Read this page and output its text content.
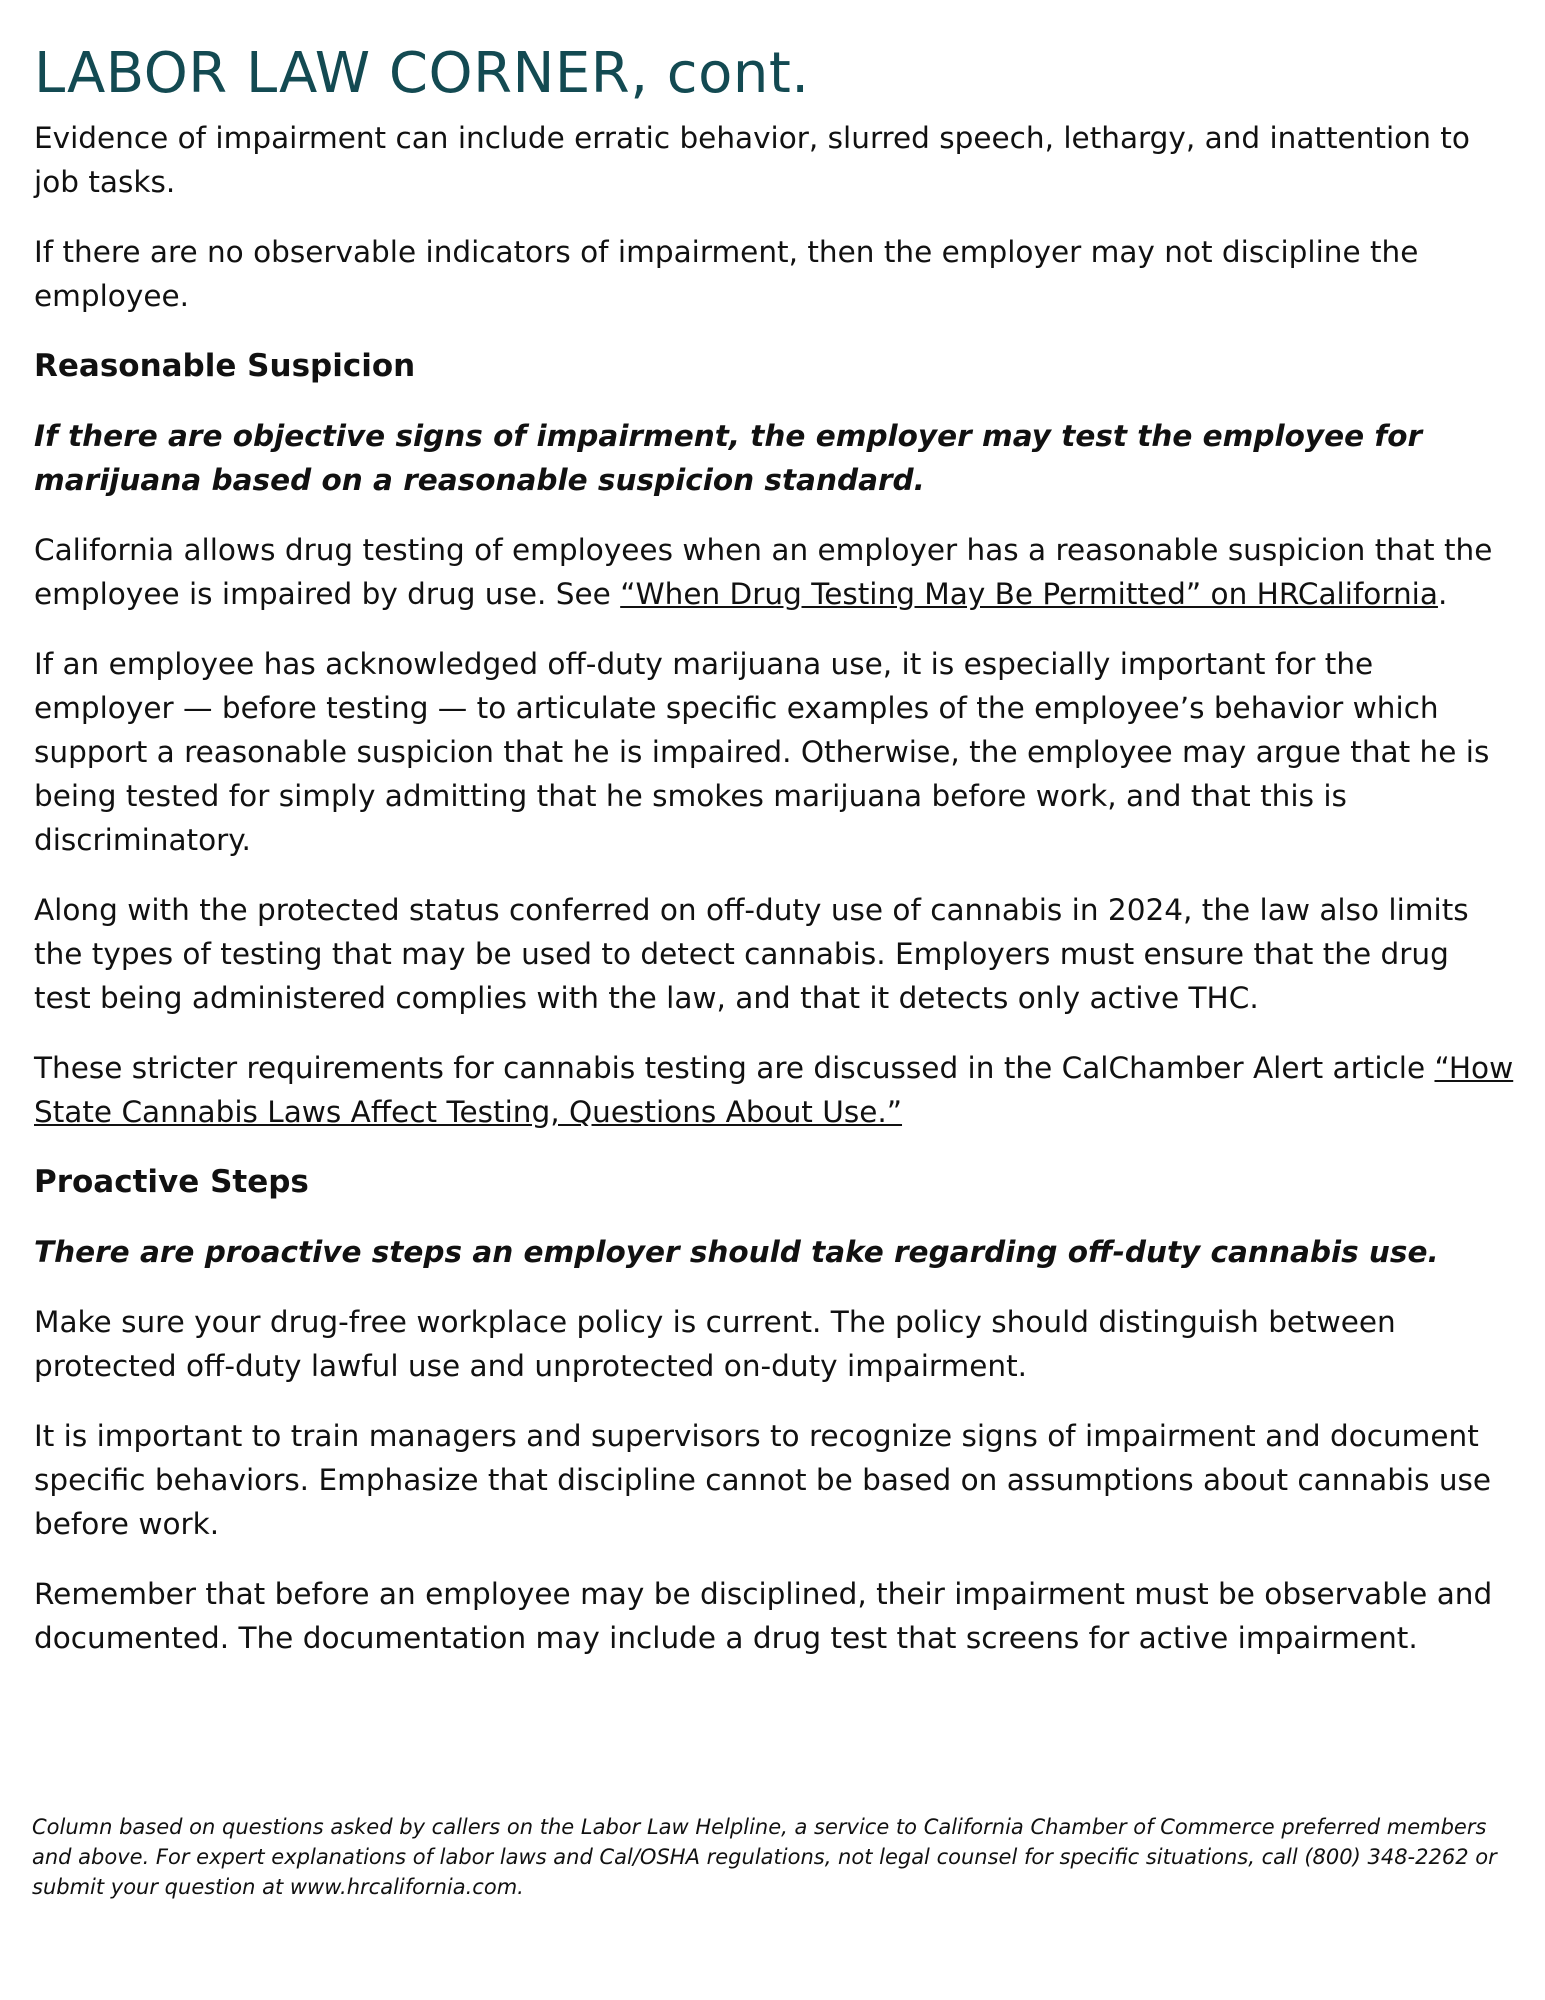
LABOR LAW CORNER, cont.

Evidence of impairment can include erratic behavior, slurred speech, lethargy, and inattention to job tasks.

If there are no observable indicators of impairment, then the employer may not discipline the employee.

Reasonable Suspicion

If there are objective signs of impairment, the employer may test the employee for marijuana based on a reasonable suspicion standard.

California allows drug testing of employees when an employer has a reasonable suspicion that the employee is impaired by drug use. See “When Drug Testing May Be Permitted” on HRCalifornia.

If an employee has acknowledged off-duty marijuana use, it is especially important for the employer — before testing — to articulate specific examples of the employee’s behavior which support a reasonable suspicion that he is impaired. Otherwise, the employee may argue that he is being tested for simply admitting that he smokes marijuana before work, and that this is discriminatory.

Along with the protected status conferred on off-duty use of cannabis in 2024, the law also limits the types of testing that may be used to detect cannabis. Employers must ensure that the drug test being administered complies with the law, and that it detects only active THC.

These stricter requirements for cannabis testing are discussed in the CalChamber Alert article “How State Cannabis Laws Affect Testing, Questions About Use.”

Proactive Steps

There are proactive steps an employer should take regarding off-duty cannabis use.

Make sure your drug-free workplace policy is current. The policy should distinguish between protected off-duty lawful use and unprotected on-duty impairment.

It is important to train managers and supervisors to recognize signs of impairment and document specific behaviors. Emphasize that discipline cannot be based on assumptions about cannabis use before work.

Remember that before an employee may be disciplined, their impairment must be observable and documented. The documentation may include a drug test that screens for active impairment.

Column based on questions asked by callers on the Labor Law Helpline, a service to California Chamber of Commerce preferred members and above. For expert explanations of labor laws and Cal/OSHA regulations, not legal counsel for specific situations, call (800) 348-2262 or submit your question at www.hrcalifornia.com.
